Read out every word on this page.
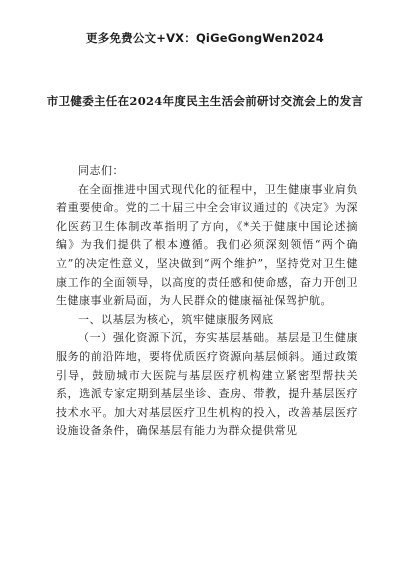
更多免费公文+VX：QiGeGongWen2024
市卫健委主任在2024年度民主生活会前研讨交流会上的发言

同志们：

在全面推进中国式现代化的征程中，卫生健康事业肩负着重要使命。党的二十届三中全会审议通过的《决定》为深化医药卫生体制改革指明了方向，《*关于健康中国论述摘编》为我们提供了根本遵循。我们必须深刻领悟“两个确立”的决定性意义，坚决做到“两个维护”，坚持党对卫生健康工作的全面领导，以高度的责任感和使命感，奋力开创卫生健康事业新局面，为人民群众的健康福祉保驾护航。

一、以基层为核心，筑牢健康服务网底

（一）强化资源下沉，夯实基层基础。基层是卫生健康服务的前沿阵地，要将优质医疗资源向基层倾斜。通过政策引导，鼓励城市大医院与基层医疗机构建立紧密型帮扶关系，选派专家定期到基层坐诊、查房、带教，提升基层医疗技术水平。加大对基层医疗卫生机构的投入，改善基层医疗设施设备条件，确保基层有能力为群众提供常见
